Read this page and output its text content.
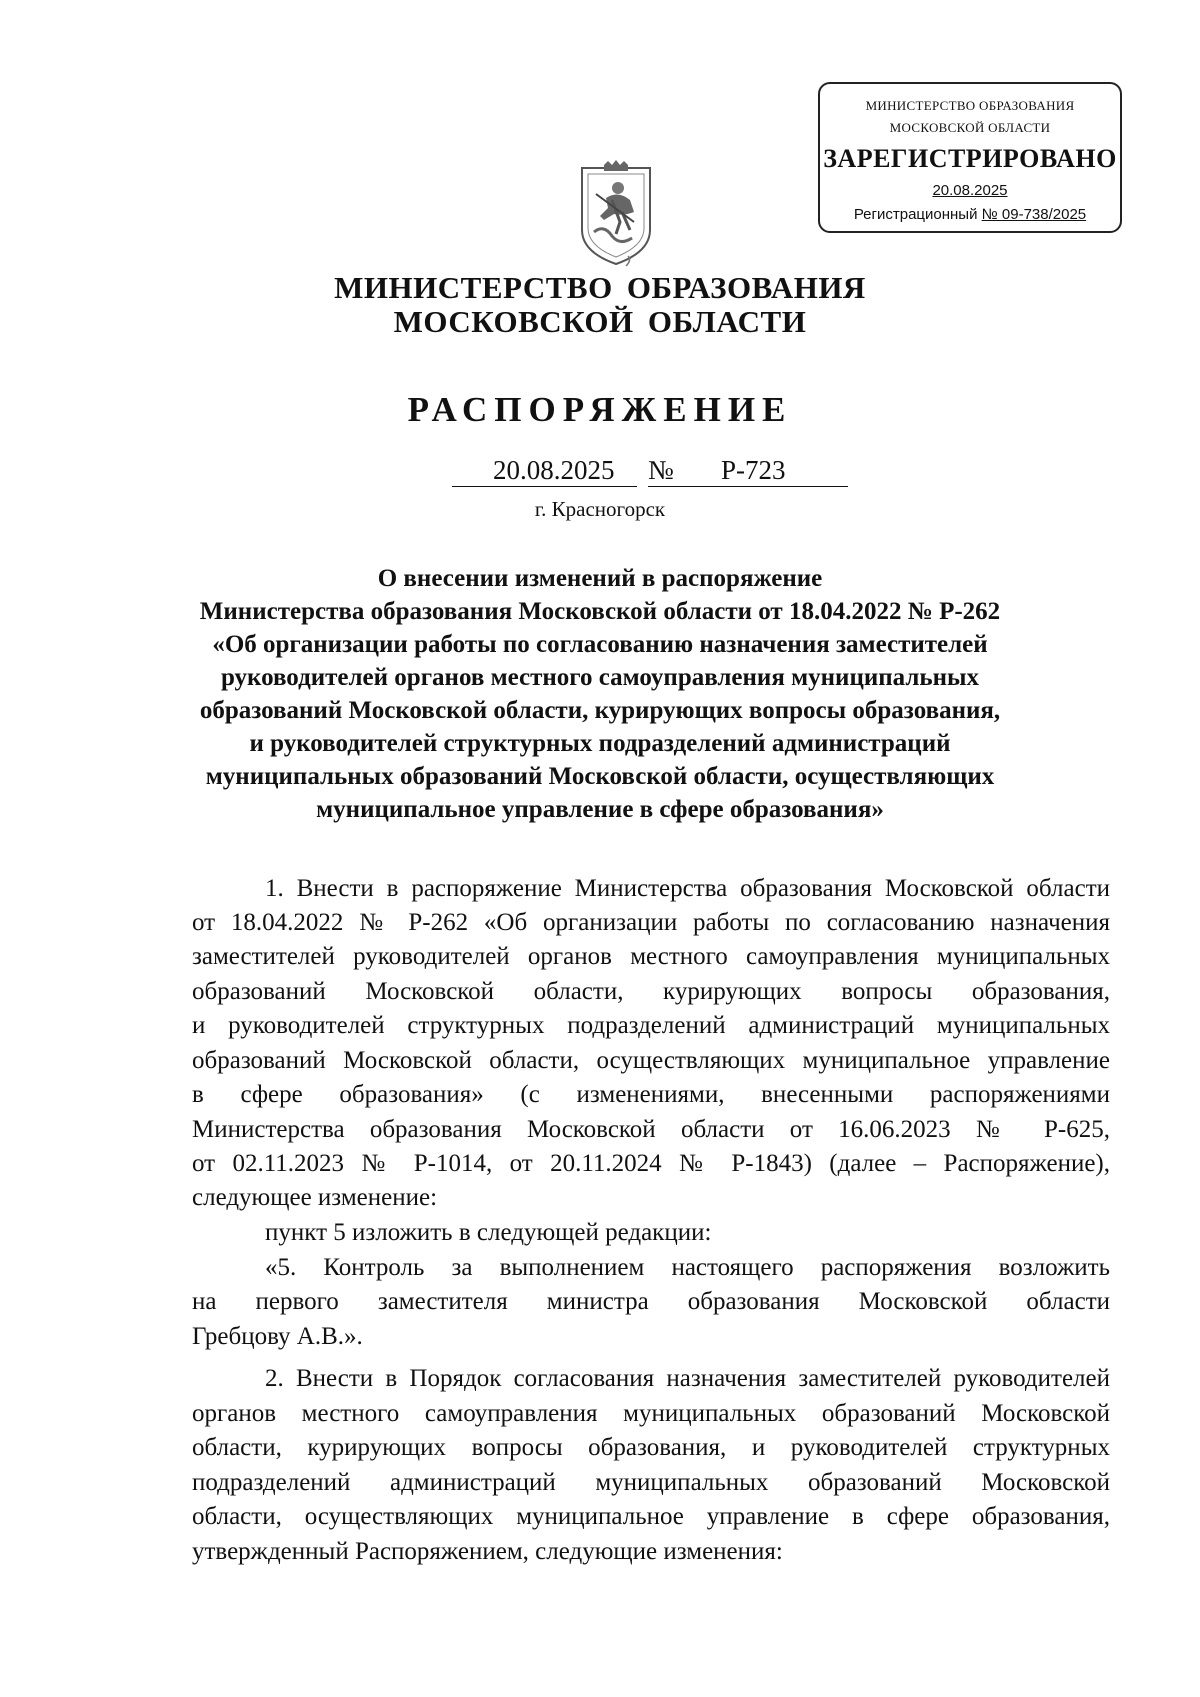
МИНИСТЕРСТВО ОБРАЗОВАНИЯ
МОСКОВСКОЙ ОБЛАСТИ
ЗАРЕГИСТРИРОВАНО
20.08.2025
Регистрационный № 09-738/2025
МИНИСТЕРСТВО ОБРАЗОВАНИЯ
МОСКОВСКОЙ ОБЛАСТИ
РАСПОРЯЖЕНИЕ
20.08.2025 № Р-723
г. Красногорск
О внесении изменений в распоряжение
Министерства образования Московской области от 18.04.2022 № Р-262
«Об организации работы по согласованию назначения заместителей
руководителей органов местного самоуправления муниципальных
образований Московской области, курирующих вопросы образования,
и руководителей структурных подразделений администраций
муниципальных образований Московской области, осуществляющих
муниципальное управление в сфере образования»
1. Внести в распоряжение Министерства образования Московской области
от 18.04.2022 № Р-262 «Об организации работы по согласованию назначения
заместителей руководителей органов местного самоуправления муниципальных
образований Московской области, курирующих вопросы образования,
и руководителей структурных подразделений администраций муниципальных
образований Московской области, осуществляющих муниципальное управление
в сфере образования» (с изменениями, внесенными распоряжениями
Министерства образования Московской области от 16.06.2023 № Р-625,
от 02.11.2023 № Р-1014, от 20.11.2024 № Р-1843) (далее – Распоряжение),
следующее изменение:
пункт 5 изложить в следующей редакции:
«5. Контроль за выполнением настоящего распоряжения возложить
на первого заместителя министра образования Московской области
Гребцову А.В.».
2. Внести в Порядок согласования назначения заместителей руководителей
органов местного самоуправления муниципальных образований Московской
области, курирующих вопросы образования, и руководителей структурных
подразделений администраций муниципальных образований Московской
области, осуществляющих муниципальное управление в сфере образования,
утвержденный Распоряжением, следующие изменения:
